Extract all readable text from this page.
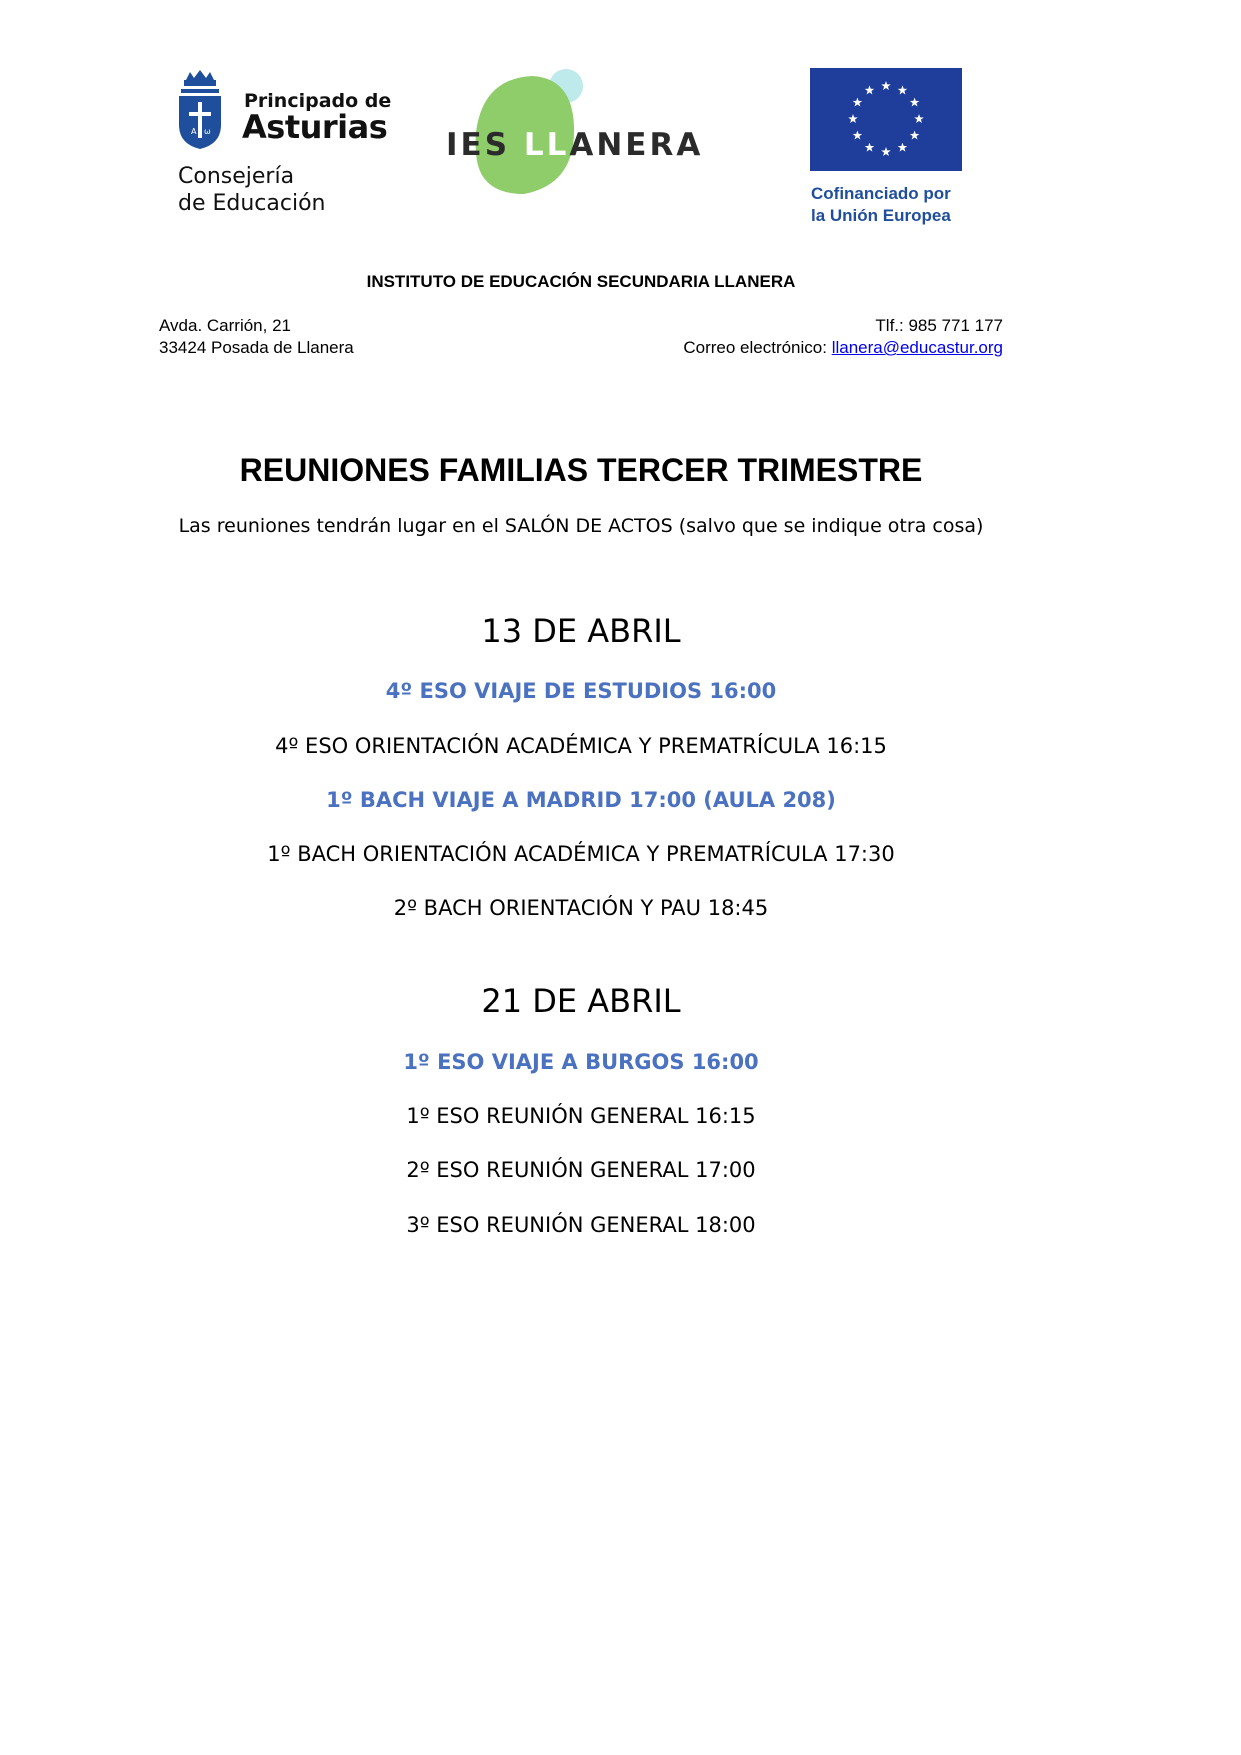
A ω
Principado de
Asturias
Consejería
de Educación
IES LLANERA
Cofinanciado por
la Unión Europea
INSTITUTO DE EDUCACIÓN SECUNDARIA LLANERA
Avda. Carrión, 21
33424 Posada de Llanera
Tlf.: 985 771 177
Correo electrónico: llanera@educastur.org
REUNIONES FAMILIAS TERCER TRIMESTRE
Las reuniones tendrán lugar en el SALÓN DE ACTOS (salvo que se indique otra cosa)
13 DE ABRIL
4º ESO VIAJE DE ESTUDIOS 16:00
4º ESO ORIENTACIÓN ACADÉMICA Y PREMATRÍCULA 16:15
1º BACH VIAJE A MADRID 17:00 (AULA 208)
1º BACH ORIENTACIÓN ACADÉMICA Y PREMATRÍCULA 17:30
2º BACH ORIENTACIÓN Y PAU 18:45
21 DE ABRIL
1º ESO VIAJE A BURGOS 16:00
1º ESO REUNIÓN GENERAL 16:15
2º ESO REUNIÓN GENERAL 17:00
3º ESO REUNIÓN GENERAL 18:00
